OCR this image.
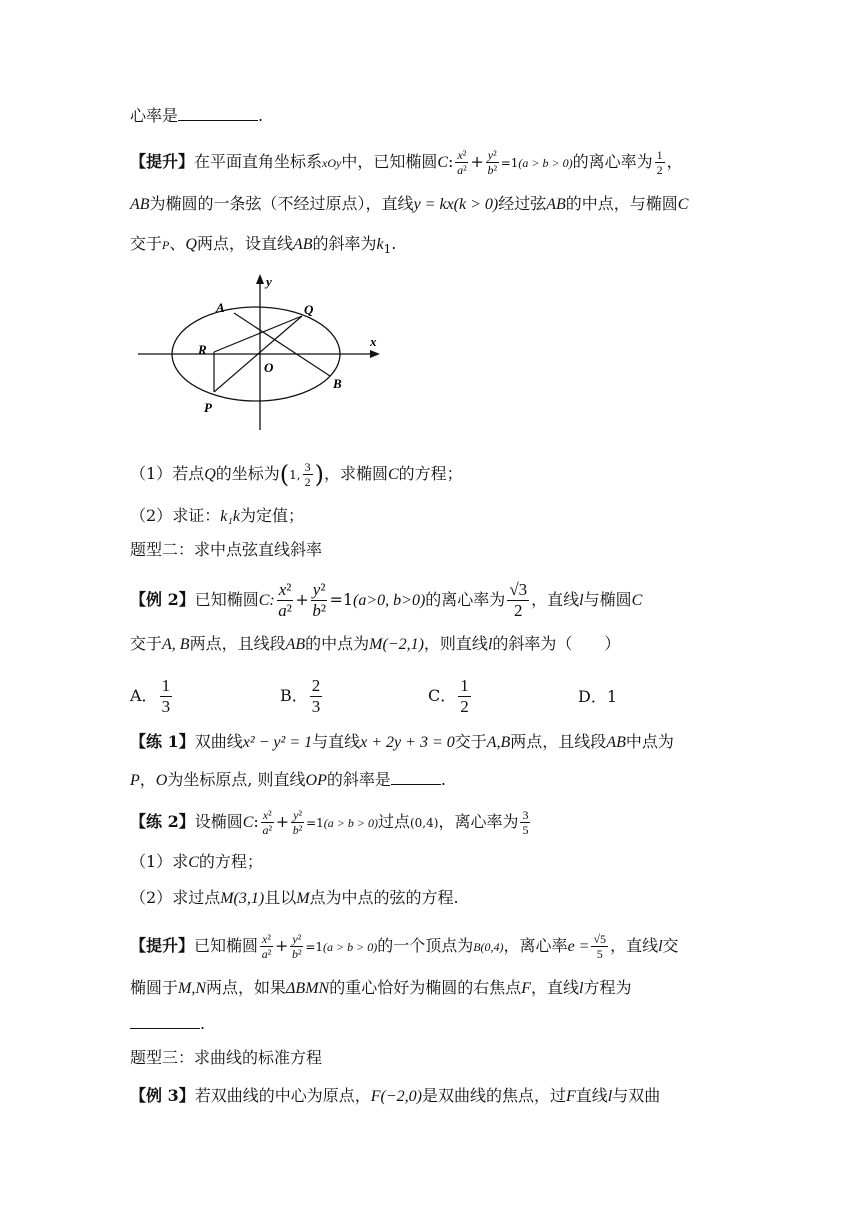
心率是	.
【提升】在平面直角坐标系xOy中，已知椭圆C: $\frac{\text{x²}}{\text{a²}} + \frac{\text{y²}}{\text{b²}} =1(a > b > 0)$的离心率为 $\frac{1}{2}$ ，
AB为椭圆的一条弦（不经过原点），直线y = kx(k > 0)经过弦AB的中点，与椭圆C
交于P、Q两点，设直线AB的斜率为$k_1$.
A	Q
R
O
B
P
x
y
（1）若点Q的坐标为(1, $\frac{3}{2}$ )，求椭圆C的方程；
（2）求证：k₁k为定值；
题型二：求中点弦直线斜率
【例 2】已知椭圆C: $\frac{\text{x²}}{\text{a²}} + \frac{\text{y²}}{\text{b²}} =1(a>0$, b>0)的离心率为 $\frac{√3}{2}$ ，直线l与椭圆C
交于A, B两点，且线段AB的中点为M(−2,1)，则直线l的斜率为（　　）
A． $\frac{1}{3}$	B． $\frac{2}{3}$	C． $\frac{1}{2}$	D．1
【练 1】双曲线x² − y² = 1与直线x + 2y + 3 = 0交于A,B两点，且线段AB中点为
P，O为坐标原点, 则直线OP的斜率是	.
【练 2】设椭圆C: $\frac{\text{x²}}{\text{a²}} + \frac{\text{y²}}{\text{b²}} =1(a > b > 0)$过点(0,4)，离心率为 $\frac{3}{5}$
（1）求C的方程；
（2）求过点M(3,1)且以M点为中点的弦的方程.
【提升】已知椭圆 $\frac{\text{x²}}{\text{a²}} + \frac{\text{y²}}{\text{b²}} =1(a > b > 0)$的一个顶点为B(0,4)，离心率$e = \frac{√5}{5}$ ，直线l交
椭圆于M,N两点，如果ΔBMN的重心恰好为椭圆的右焦点F，直线l方程为
.
题型三：求曲线的标准方程
【例 3】若双曲线的中心为原点，F(−2,0)是双曲线的焦点，过F直线l与双曲
